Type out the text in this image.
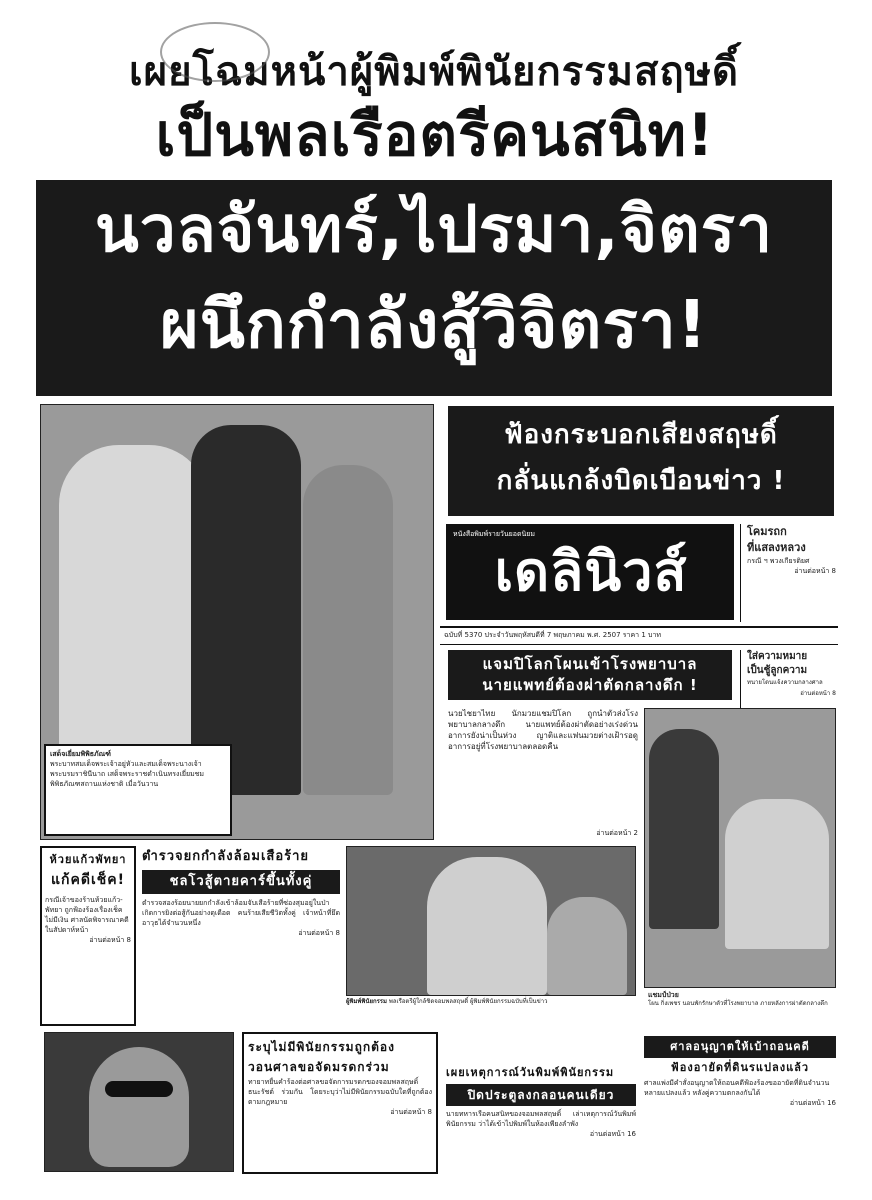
เผยโฉมหน้าผู้พิมพ์พินัยกรรมสฤษดิ์
เป็นพลเรือตรีคนสนิท!
นวลจันทร์,ไปรมา,จิตรา
ผนึกกำลังสู้วิจิตรา!
เสด็จเยี่ยมพิพิธภัณฑ์
พระบาทสมเด็จพระเจ้าอยู่หัวและสมเด็จพระนางเจ้าพระบรมราชินีนาถ เสด็จพระราชดำเนินทรงเยี่ยมชมพิพิธภัณฑสถานแห่งชาติ เมื่อวันวาน
ฟ้องกระบอกเสียงสฤษดิ์
กลั่นแกล้งบิดเบือนข่าว !
หนังสือพิมพ์รายวันยอดนิยม
เดลินิวส์
โคมรถก
ที่แสลงหลวง
กรณี ฯ พวงเกียรติยศ
อ่านต่อหน้า 8
ฉบับที่ 5370 ประจำวันพฤหัสบดีที่ 7 พฤษภาคม พ.ศ. 2507 ราคา 1 บาท
แจมปิโลกโผนเข้าโรงพยาบาล
นายแพทย์ต้องผ่าตัดกลางดึก !
ใส่ความหมาย
เป็นชู้ลูกความ
ทนายโดนแจ้งความกลางศาล
อ่านต่อหน้า 8
นวยไชยาไทย นักมวยแชมปิโลก ถูกนำตัวส่งโรงพยาบาลกลางดึก นายแพทย์ต้องผ่าตัดอย่างเร่งด่วน อาการยังน่าเป็นห่วง ญาติและแฟนมวยต่างเฝ้ารอดูอาการอยู่ที่โรงพยาบาลตลอดคืน
อ่านต่อหน้า 2
แชมป์ป่วย
โผน กิ่งเพชร นอนพักรักษาตัวที่โรงพยาบาล ภายหลังการผ่าตัดกลางดึก
ห้วยแก้วพัทยา
แก้คดีเช็ค!
กรณีเจ้าของร้านห้วยแก้ว-พัทยา ถูกฟ้องร้องเรื่องเช็คไม่มีเงิน ศาลนัดพิจารณาคดีในสัปดาห์หน้า
อ่านต่อหน้า 8
ตำรวจยกกำลังล้อมเสือร้าย
ชลโวสู้ตายคาร์ขึ้นทั้งคู่
ตำรวจสองร้อยนายยกกำลังเข้าล้อมจับเสือร้ายที่ซ่องสุมอยู่ในป่า เกิดการยิงต่อสู้กันอย่างดุเดือด คนร้ายเสียชีวิตทั้งคู่ เจ้าหน้าที่ยึดอาวุธได้จำนวนหนึ่ง
อ่านต่อหน้า 8
ผู้พิมพ์พินัยกรรม พลเรือตรีผู้ใกล้ชิดจอมพลสฤษดิ์ ผู้พิมพ์พินัยกรรมฉบับที่เป็นข่าว
ระบุไม่มีพินัยกรรมถูกต้อง
วอนศาลขอจัดมรดกร่วม
ทายาทยื่นคำร้องต่อศาลขอจัดการมรดกของจอมพลสฤษดิ์ ธนะรัชต์ ร่วมกัน โดยระบุว่าไม่มีพินัยกรรมฉบับใดที่ถูกต้องตามกฎหมาย
อ่านต่อหน้า 8
เผยเหตุการณ์วันพิมพ์พินัยกรรม
ปิดประตูลงกลอนคนเดียว
นายทหารเรือคนสนิทของจอมพลสฤษดิ์ เล่าเหตุการณ์วันพิมพ์พินัยกรรม ว่าได้เข้าไปพิมพ์ในห้องเพียงลำพัง
อ่านต่อหน้า 16
ศาลอนุญาตให้เบ้าถอนคดี
ฟ้องอายัดที่ดินรแปลงแล้ว
ศาลแพ่งมีคำสั่งอนุญาตให้ถอนคดีฟ้องร้องขออายัดที่ดินจำนวนหลายแปลงแล้ว หลังคู่ความตกลงกันได้
อ่านต่อหน้า 16
